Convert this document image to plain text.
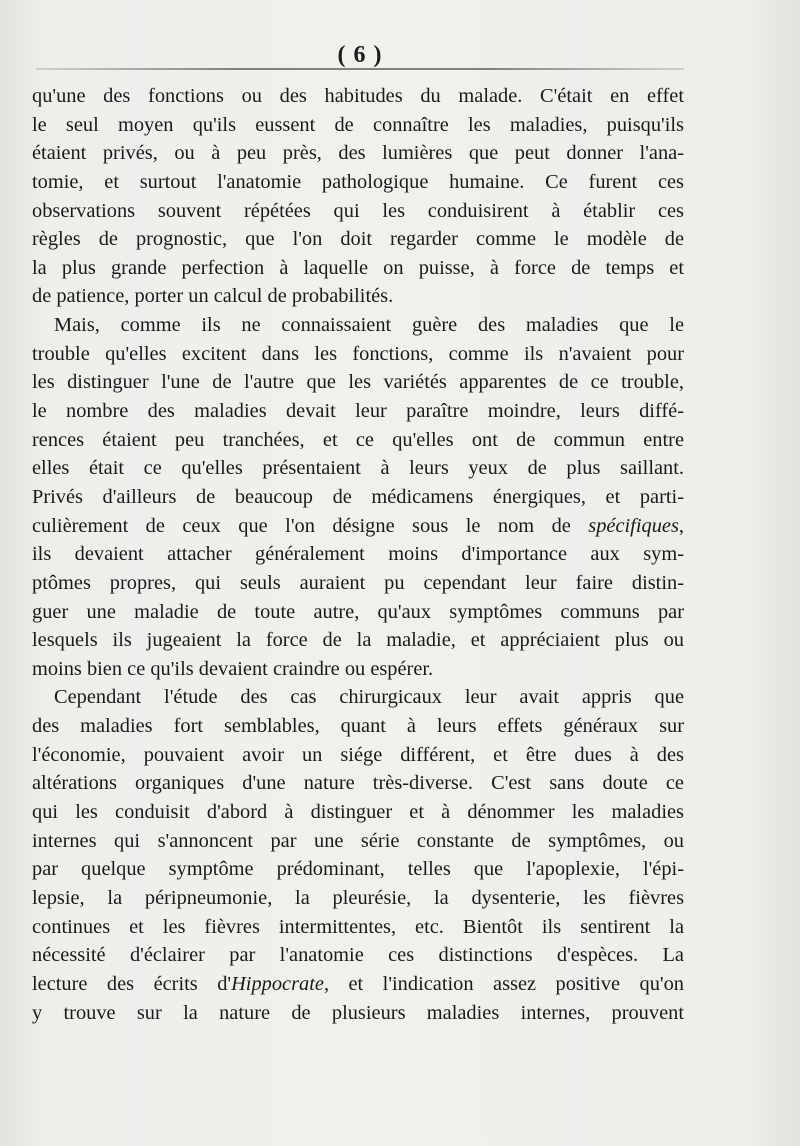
( 6 )
qu'une des fonctions ou des habitudes du malade. C'était en effet
le seul moyen qu'ils eussent de connaître les maladies, puisqu'ils
étaient privés, ou à peu près, des lumières que peut donner l'ana-
tomie, et surtout l'anatomie pathologique humaine. Ce furent ces
observations souvent répétées qui les conduisirent à établir ces
règles de prognostic, que l'on doit regarder comme le modèle de
la plus grande perfection à laquelle on puisse, à force de temps et
de patience, porter un calcul de probabilités.
Mais, comme ils ne connaissaient guère des maladies que le
trouble qu'elles excitent dans les fonctions, comme ils n'avaient pour
les distinguer l'une de l'autre que les variétés apparentes de ce trouble,
le nombre des maladies devait leur paraître moindre, leurs diffé-
rences étaient peu tranchées, et ce qu'elles ont de commun entre
elles était ce qu'elles présentaient à leurs yeux de plus saillant.
Privés d'ailleurs de beaucoup de médicamens énergiques, et parti-
culièrement de ceux que l'on désigne sous le nom de spécifiques,
ils devaient attacher généralement moins d'importance aux sym-
ptômes propres, qui seuls auraient pu cependant leur faire distin-
guer une maladie de toute autre, qu'aux symptômes communs par
lesquels ils jugeaient la force de la maladie, et appréciaient plus ou
moins bien ce qu'ils devaient craindre ou espérer.
Cependant l'étude des cas chirurgicaux leur avait appris que
des maladies fort semblables, quant à leurs effets généraux sur
l'économie, pouvaient avoir un siége différent, et être dues à des
altérations organiques d'une nature très-diverse. C'est sans doute ce
qui les conduisit d'abord à distinguer et à dénommer les maladies
internes qui s'annoncent par une série constante de symptômes, ou
par quelque symptôme prédominant, telles que l'apoplexie, l'épi-
lepsie, la péripneumonie, la pleurésie, la dysenterie, les fièvres
continues et les fièvres intermittentes, etc. Bientôt ils sentirent la
nécessité d'éclairer par l'anatomie ces distinctions d'espèces. La
lecture des écrits d'Hippocrate, et l'indication assez positive qu'on
y trouve sur la nature de plusieurs maladies internes, prouvent
